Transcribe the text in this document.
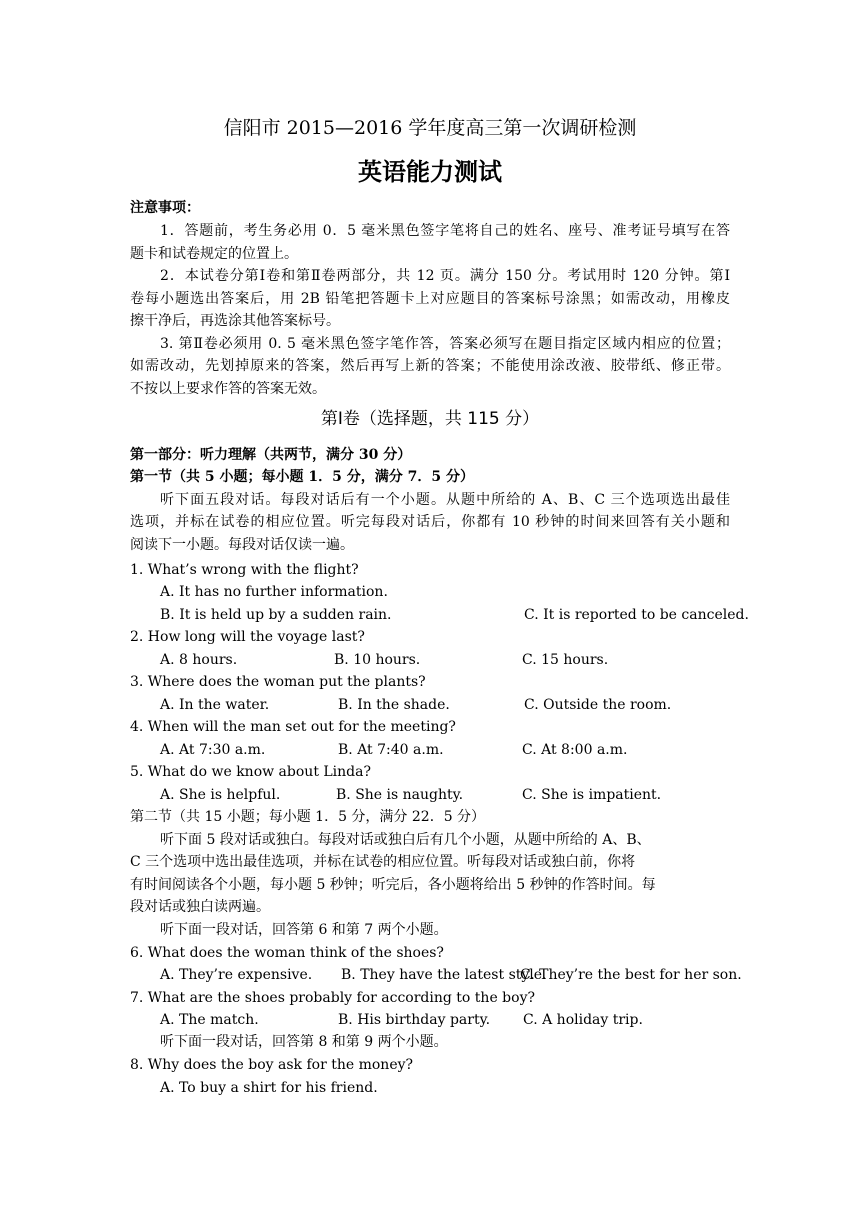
信阳市 2015—2016 学年度高三第一次调研检测
英语能力测试
注意事项：
1．答题前，考生务必用 0．5 毫米黑色签字笔将自己的姓名、座号、准考证号填写在答
题卡和试卷规定的位置上。
2．本试卷分第Ⅰ卷和第Ⅱ卷两部分，共 12 页。满分 150 分。考试用时 120 分钟。第Ⅰ
卷每小题选出答案后，用 2B 铅笔把答题卡上对应题目的答案标号涂黑；如需改动，用橡皮
擦干净后，再选涂其他答案标号。
3. 第Ⅱ卷必须用 0. 5 毫米黑色签字笔作答，答案必须写在题目指定区域内相应的位置；
如需改动，先划掉原来的答案，然后再写上新的答案；不能使用涂改液、胶带纸、修正带。
不按以上要求作答的答案无效。
第Ⅰ卷（选择题，共 115 分）
第一部分：听力理解（共两节，满分 30 分）
第一节（共 5 小题；每小题 1．5 分，满分 7．5 分）
听下面五段对话。每段对话后有一个小题。从题中所给的 A、B、C 三个选项选出最佳
选项，并标在试卷的相应位置。听完每段对话后，你都有 10 秒钟的时间来回答有关小题和
阅读下一小题。每段对话仅读一遍。
1. What’s wrong with the flight?
A. It has no further information.
B. It is held up by a sudden rain.	C. It is reported to be canceled.
2. How long will the voyage last?
A. 8 hours.	B. 10 hours.	C. 15 hours.
3. Where does the woman put the plants?
A. In the water.	B. In the shade.	C. Outside the room.
4. When will the man set out for the meeting?
A. At 7:30 a.m.	B. At 7:40 a.m.	C. At 8:00 a.m.
5. What do we know about Linda?
A. She is helpful.	B. She is naughty.	C. She is impatient.
第二节（共 15 小题；每小题 1．5 分，满分 22．5 分）
听下面 5 段对话或独白。每段对话或独白后有几个小题，从题中所给的 A、B、
C 三个选项中选出最佳选项，并标在试卷的相应位置。听每段对话或独白前，你将
有时间阅读各个小题，每小题 5 秒钟；听完后，各小题将给出 5 秒钟的作答时间。每
段对话或独白读两遍。
听下面一段对话，回答第 6 和第 7 两个小题。
6. What does the woman think of the shoes?
A. They’re expensive. B. They have the latest style.
C. They’re the best for her son.
7. What are the shoes probably for according to the boy?
A. The match.	B. His birthday party. C. A holiday trip.
听下面一段对话，回答第 8 和第 9 两个小题。
8. Why does the boy ask for the money?
A. To buy a shirt for his friend.
